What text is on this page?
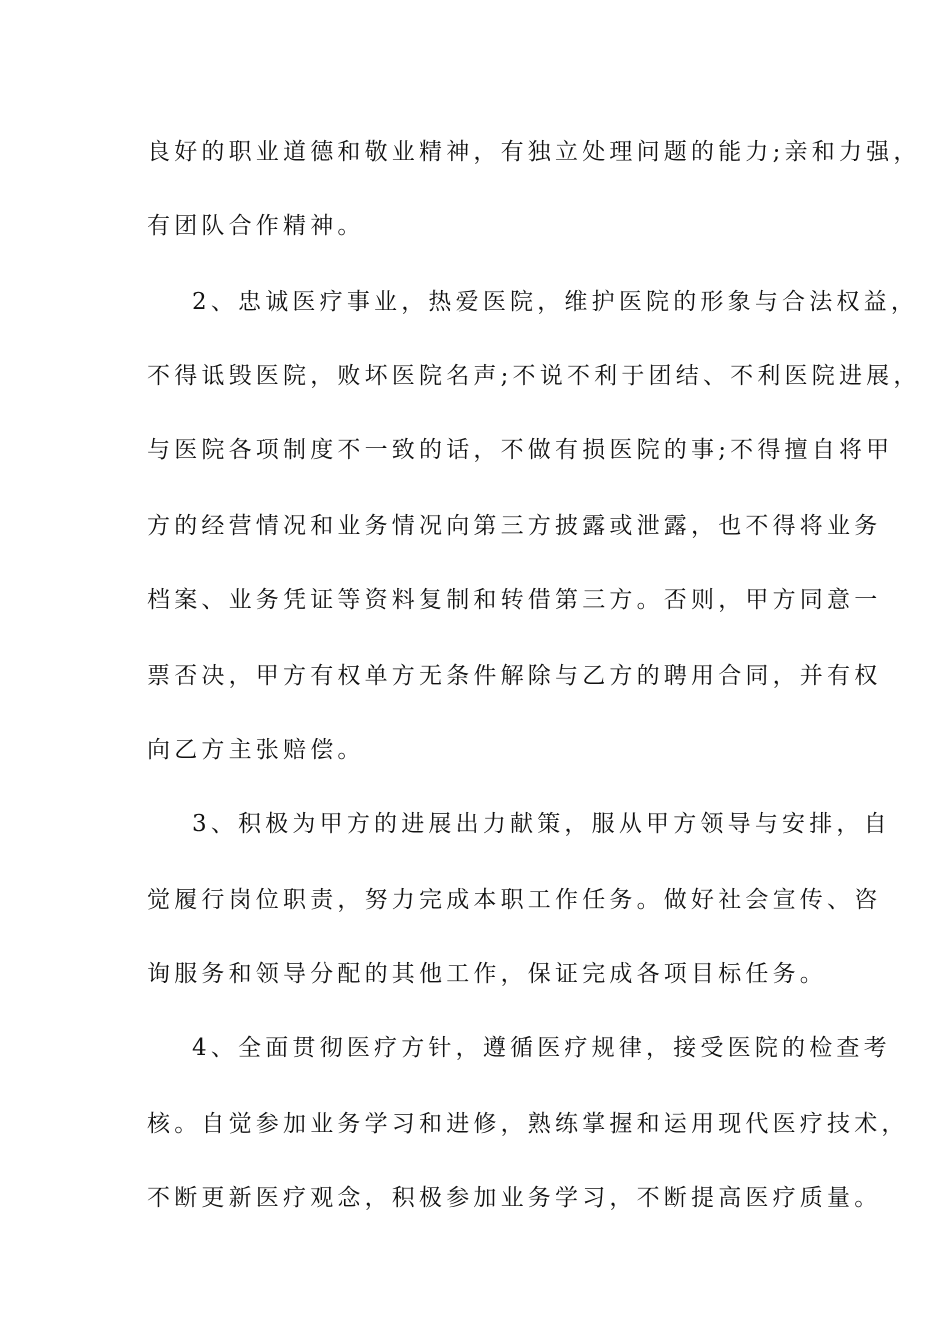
良好的职业道德和敬业精神，有独立处理问题的能力;亲和力强，
有团队合作精神。
2、忠诚医疗事业，热爱医院，维护医院的形象与合法权益，
不得诋毁医院，败坏医院名声;不说不利于团结、不利医院进展，
与医院各项制度不一致的话，不做有损医院的事;不得擅自将甲
方的经营情况和业务情况向第三方披露或泄露，也不得将业务
档案、业务凭证等资料复制和转借第三方。否则，甲方同意一
票否决，甲方有权单方无条件解除与乙方的聘用合同，并有权
向乙方主张赔偿。
3、积极为甲方的进展出力献策，服从甲方领导与安排，自
觉履行岗位职责，努力完成本职工作任务。做好社会宣传、咨
询服务和领导分配的其他工作，保证完成各项目标任务。
4、全面贯彻医疗方针，遵循医疗规律，接受医院的检查考
核。自觉参加业务学习和进修，熟练掌握和运用现代医疗技术，
不断更新医疗观念，积极参加业务学习，不断提高医疗质量。
